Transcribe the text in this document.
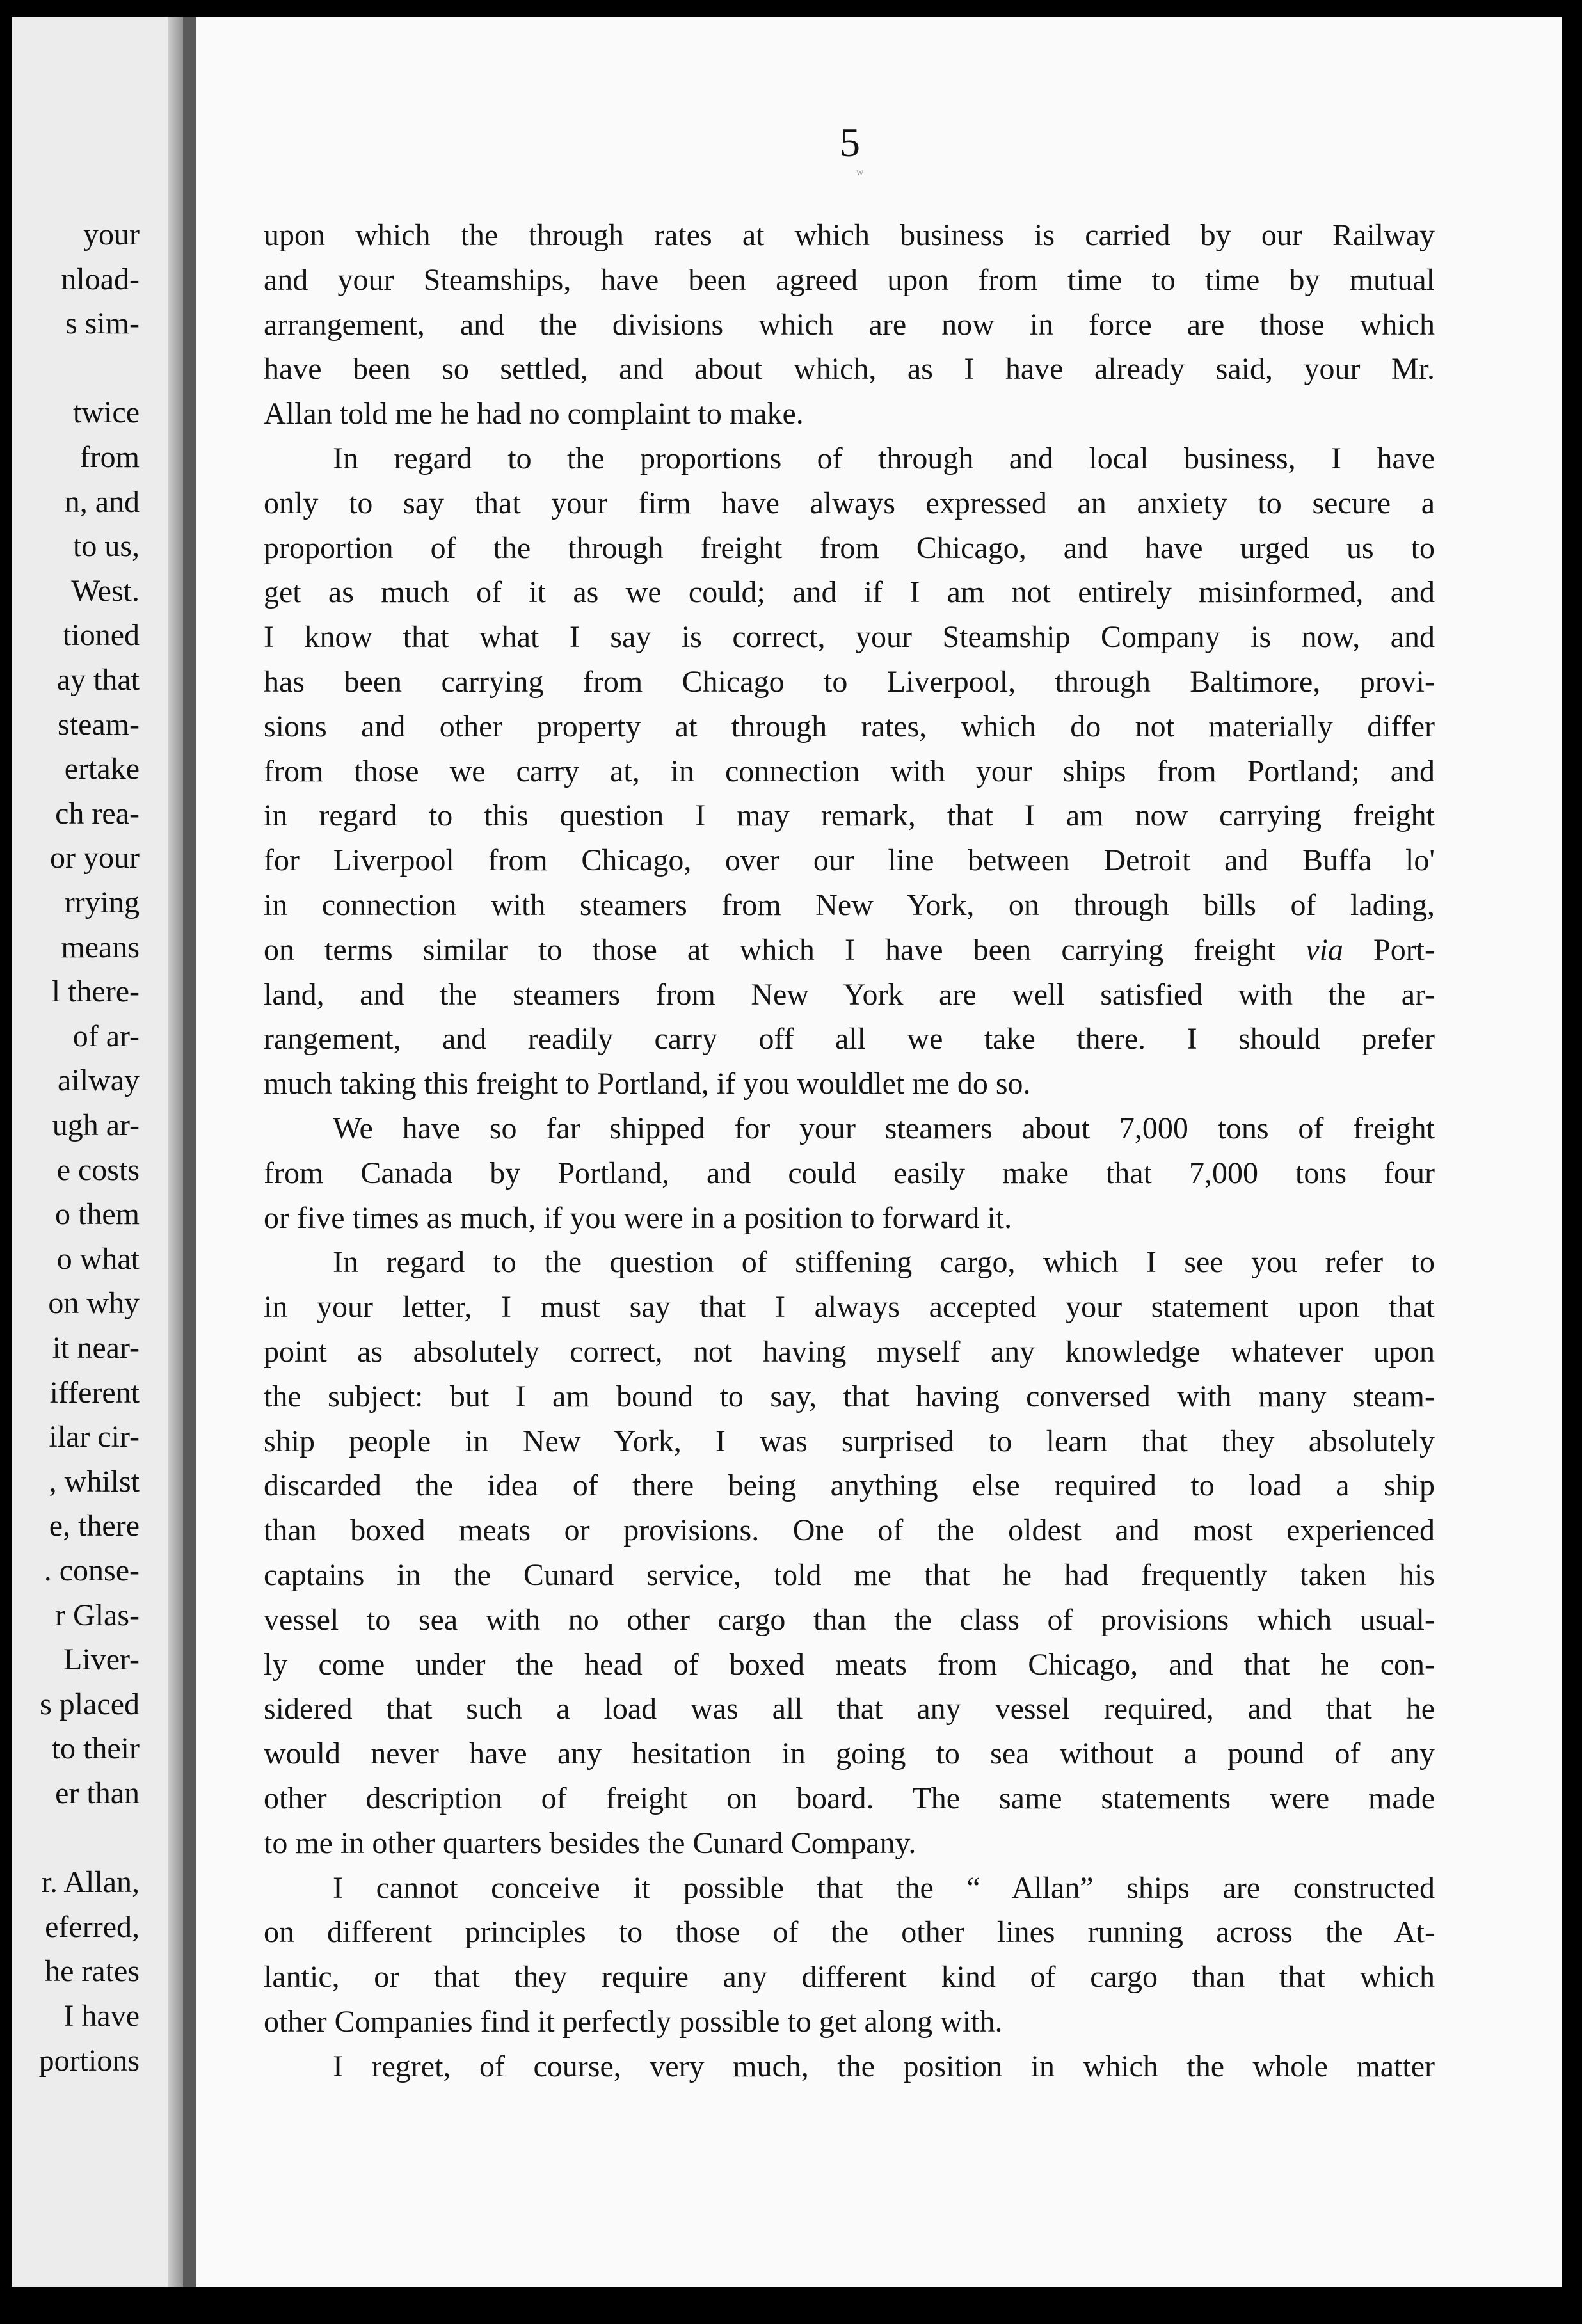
your
nload-
s sim-
twice
from
n, and
to us,
West.
tioned
ay that
steam-
ertake
ch rea-
or your
rrying
means
l there-
of ar-
ailway
ugh ar-
e costs
o them
o what
on why
it near-
ifferent
ilar cir-
, whilst
e, there
. conse-
r Glas-
Liver-
s placed
to their
er than
r. Allan,
eferred,
he rates
I have
portions
5
ʷ
upon which the through rates at which business is carried by our Railway
and your Steamships, have been agreed upon from time to time by mutual
arrangement, and the divisions which are now in force are those which
have been so settled, and about which, as I have already said, your Mr.
Allan told me he had no complaint to make.
In regard to the proportions of through and local business, I have
only to say that your firm have always expressed an anxiety to secure a
proportion of the through freight from Chicago, and have urged us to
get as much of it as we could; and if I am not entirely misinformed, and
I know that what I say is correct, your Steamship Company is now, and
has been carrying from Chicago to Liverpool, through Baltimore, provi-
sions and other property at through rates, which do not materially differ
from those we carry at, in connection with your ships from Portland; and
in regard to this question I may remark, that I am now carrying freight
for Liverpool from Chicago, over our line between Detroit and Buffa lo'
in connection with steamers from New York, on through bills of lading,
on terms similar to those at which I have been carrying freight via Port-
land, and the steamers from New York are well satisfied with the ar-
rangement, and readily carry off all we take there. I should prefer
much taking this freight to Portland, if you wouldlet me do so.
We have so far shipped for your steamers about 7,000 tons of freight
from Canada by Portland, and could easily make that 7,000 tons four
or five times as much, if you were in a position to forward it.
In regard to the question of stiffening cargo, which I see you refer to
in your letter, I must say that I always accepted your statement upon that
point as absolutely correct, not having myself any knowledge whatever upon
the subject: but I am bound to say, that having conversed with many steam-
ship people in New York, I was surprised to learn that they absolutely
discarded the idea of there being anything else required to load a ship
than boxed meats or provisions. One of the oldest and most experienced
captains in the Cunard service, told me that he had frequently taken his
vessel to sea with no other cargo than the class of provisions which usual-
ly come under the head of boxed meats from Chicago, and that he con-
sidered that such a load was all that any vessel required, and that he
would never have any hesitation in going to sea without a pound of any
other description of freight on board. The same statements were made
to me in other quarters besides the Cunard Company.
I cannot conceive it possible that the “ Allan” ships are constructed
on different principles to those of the other lines running across the At-
lantic, or that they require any different kind of cargo than that which
other Companies find it perfectly possible to get along with.
I regret, of course, very much, the position in which the whole matter
